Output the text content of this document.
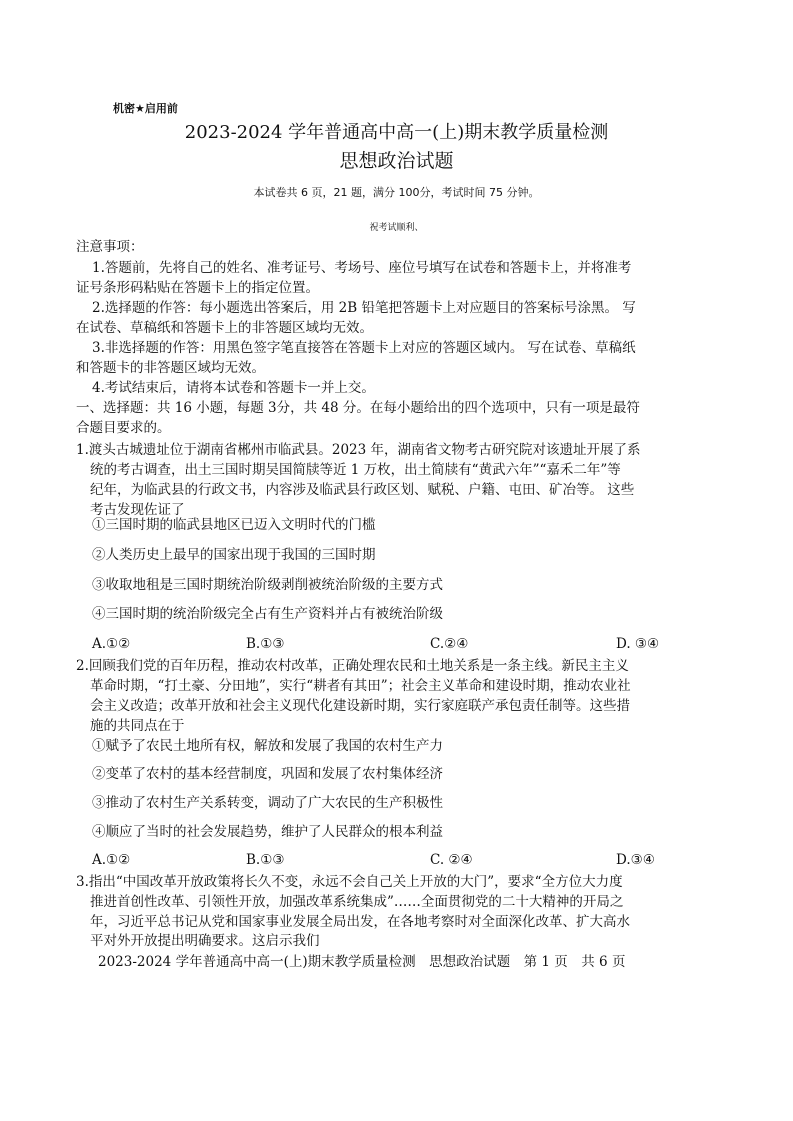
机密★启用前
2023-2024 学年普通高中高一(上)期末教学质量检测
思想政治试题
本试卷共 6 页，21 题，满分 100分，考试时间 75 分钟。
祝考试顺利、
注意事项：
1.答题前，先将自己的姓名、准考证号、考场号、座位号填写在试卷和答题卡上，并将准考
证号条形码粘贴在答题卡上的指定位置。
2.选择题的作答：每小题选出答案后，用 2B 铅笔把答题卡上对应题目的答案标号涂黑。 写
在试卷、草稿纸和答题卡上的非答题区域均无效。
3.非选择题的作答：用黑色签字笔直接答在答题卡上对应的答题区域内。 写在试卷、草稿纸
和答题卡的非答题区域均无效。
4.考试结束后，请将本试卷和答题卡一并上交。
一、选择题：共 16 小题，每题 3分，共 48 分。在每小题给出的四个选项中，只有一项是最符
合题目要求的。
1.渡头古城遗址位于湖南省郴州市临武县。2023 年，湖南省文物考古研究院对该遗址开展了系
统的考古调查，出土三国时期吴国简牍等近 1 万枚，出土简牍有“黄武六年”“嘉禾二年”等
纪年，为临武县的行政文书，内容涉及临武县行政区划、赋税、户籍、屯田、矿冶等。 这些
考古发现佐证了
①三国时期的临武县地区已迈入文明时代的门槛
②人类历史上最早的国家出现于我国的三国时期
③收取地租是三国时期统治阶级剥削被统治阶级的主要方式
④三国时期的统治阶级完全占有生产资料并占有被统治阶级
A.①②	B.①③	C.②④	D. ③④
2.回顾我们党的百年历程，推动农村改革，正确处理农民和土地关系是一条主线。新民主主义
革命时期，“打土豪、分田地”，实行“耕者有其田”；社会主义革命和建设时期，推动农业社
会主义改造；改革开放和社会主义现代化建设新时期，实行家庭联产承包责任制等。这些措
施的共同点在于
①赋予了农民土地所有权，解放和发展了我国的农村生产力
②变革了农村的基本经营制度，巩固和发展了农村集体经济
③推动了农村生产关系转变，调动了广大农民的生产积极性
④顺应了当时的社会发展趋势，维护了人民群众的根本利益
A.①②	B.①③	C. ②④	D.③④
3.指出“中国改革开放政策将长久不变，永远不会自己关上开放的大门”，要求“全方位大力度
推进首创性改革、引领性开放，加强改革系统集成”……全面贯彻党的二十大精神的开局之
年，习近平总书记从党和国家事业发展全局出发，在各地考察时对全面深化改革、扩大高水
平对外开放提出明确要求。这启示我们
2023-2024 学年普通高中高一(上)期末教学质量检测　思想政治试题　第 1 页　共 6 页
